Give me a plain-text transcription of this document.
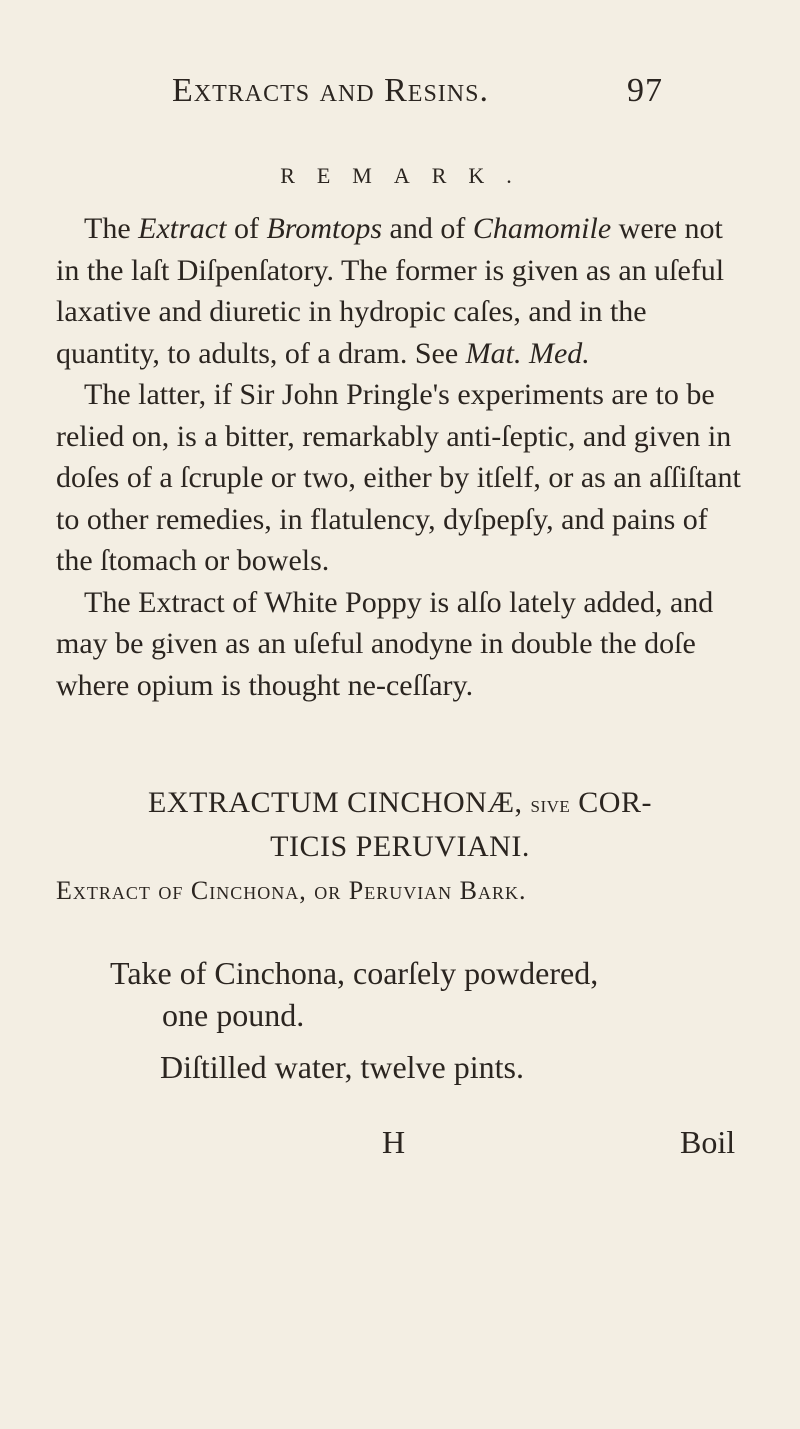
Extracts and Resins.	97
REMARK.

The Extract of Bromtops and of Chamomile were not in the laſt Diſpenſatory. The former is given as an uſeful laxative and diuretic in hydropic caſes, and in the quantity, to adults, of a dram. See Mat. Med.

The latter, if Sir John Pringle's experiments are to be relied on, is a bitter, remarkably anti-ſeptic, and given in doſes of a ſcruple or two, either by itſelf, or as an aſſiſtant to other remedies, in flatulency, dyſpepſy, and pains of the ſtomach or bowels.

The Extract of White Poppy is alſo lately added, and may be given as an uſeful anodyne in double the doſe where opium is thought ne-ceſſary.

EXTRACTUM CINCHONÆ, sive COR-
TICIS PERUVIANI.
Extract of Cinchona, or Peruvian Bark.

Take of Cinchona, coarſely powdered,

one pound.

Diſtilled water, twelve pints.

H	Boil
